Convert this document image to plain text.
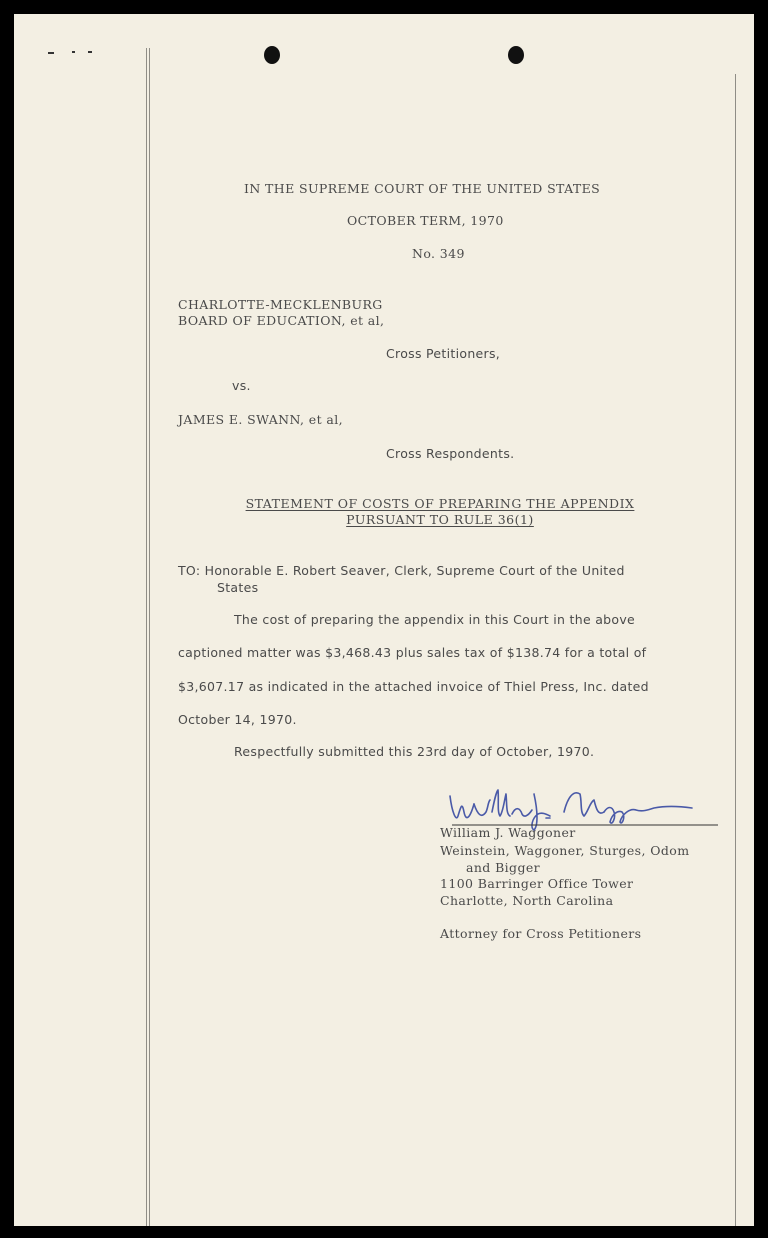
IN THE SUPREME COURT OF THE UNITED STATES
OCTOBER TERM, 1970
No. 349
CHARLOTTE-MECKLENBURG
BOARD OF EDUCATION, et al,
Cross Petitioners,
vs.
JAMES E. SWANN, et al,
Cross Respondents.
STATEMENT OF COSTS OF PREPARING THE APPENDIX
PURSUANT TO RULE 36(1)
TO: Honorable E. Robert Seaver, Clerk, Supreme Court of the United
States
The cost of preparing the appendix in this Court in the above
captioned matter was $3,468.43 plus sales tax of $138.74 for a total of
$3,607.17 as indicated in the attached invoice of Thiel Press, Inc. dated
October 14, 1970.
Respectfully submitted this 23rd day of October, 1970.
William J. Waggoner
Weinstein, Waggoner, Sturges, Odom
and Bigger
1100 Barringer Office Tower
Charlotte, North Carolina
Attorney for Cross Petitioners
